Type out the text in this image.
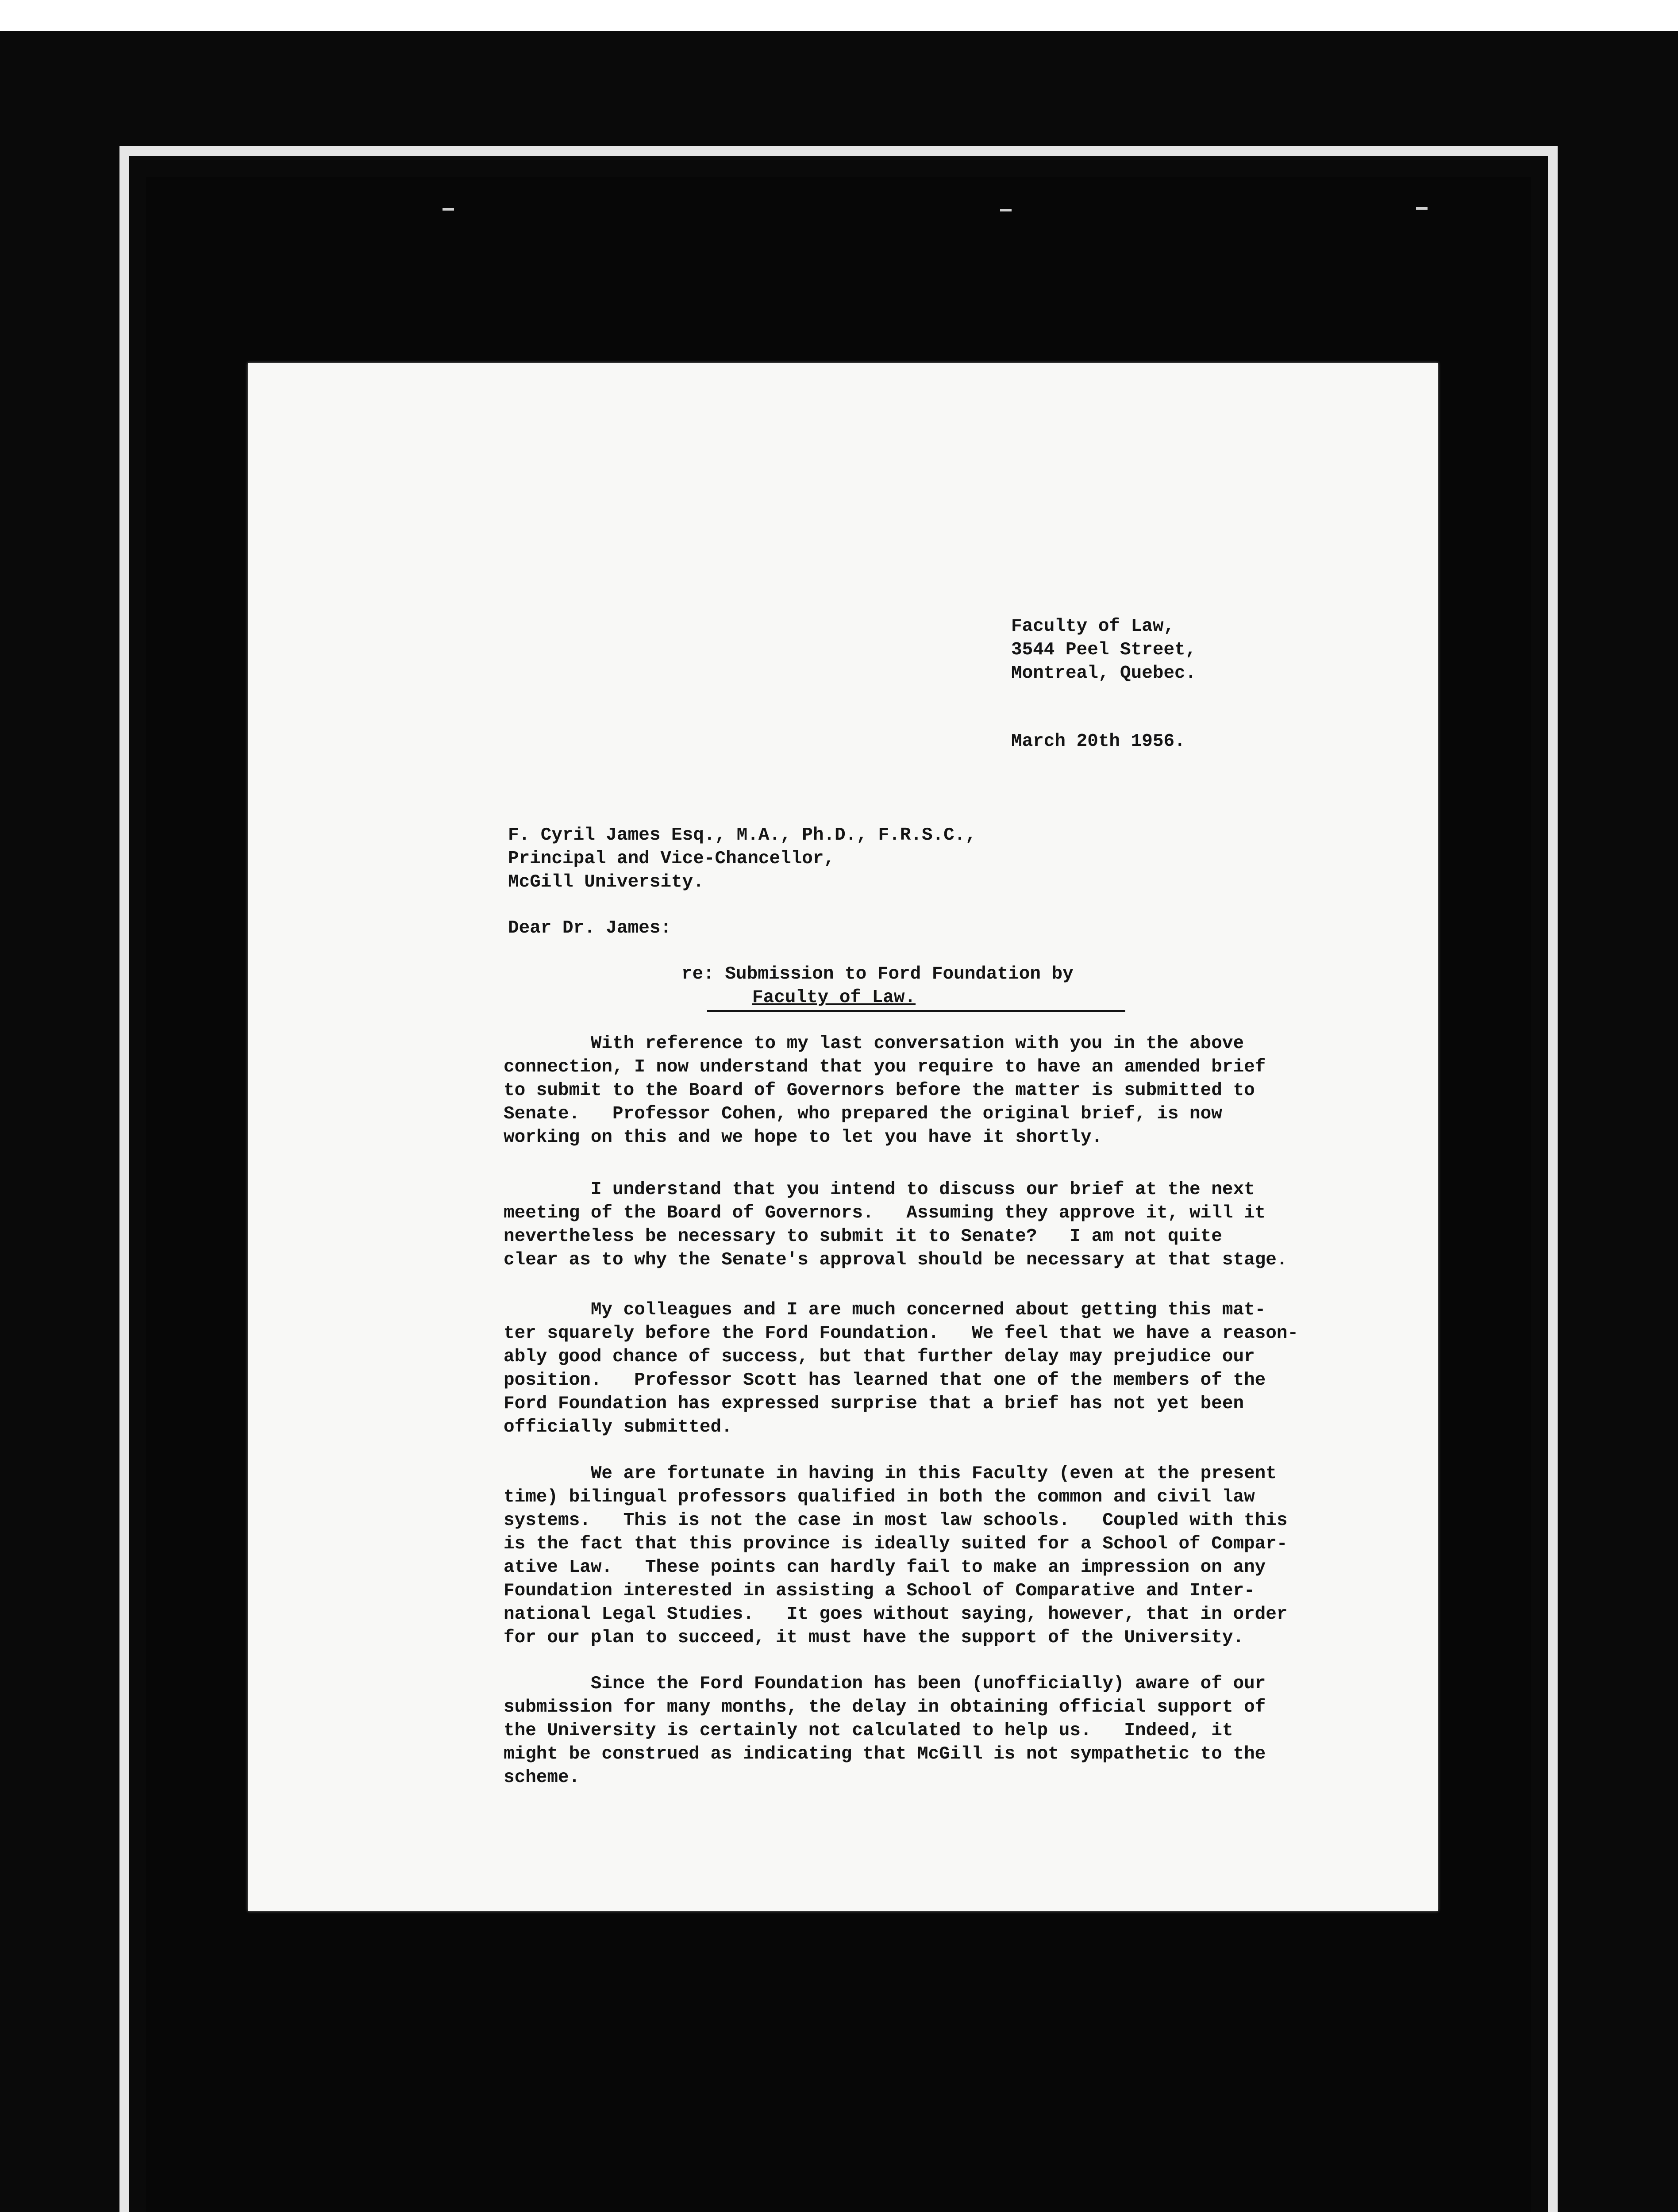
Faculty of Law,
3544 Peel Street,
Montreal, Quebec.
March 20th 1956.
F. Cyril James Esq., M.A., Ph.D., F.R.S.C.,
Principal and Vice-Chancellor,
McGill University.
Dear Dr. James:
re: Submission to Ford Foundation by
Faculty of Law.
With reference to my last conversation with you in the above
connection, I now understand that you require to have an amended brief
to submit to the Board of Governors before the matter is submitted to
Senate.   Professor Cohen, who prepared the original brief, is now
working on this and we hope to let you have it shortly.
I understand that you intend to discuss our brief at the next
meeting of the Board of Governors.   Assuming they approve it, will it
nevertheless be necessary to submit it to Senate?   I am not quite
clear as to why the Senate's approval should be necessary at that stage.
My colleagues and I are much concerned about getting this mat-
ter squarely before the Ford Foundation.   We feel that we have a reason-
ably good chance of success, but that further delay may prejudice our
position.   Professor Scott has learned that one of the members of the
Ford Foundation has expressed surprise that a brief has not yet been
officially submitted.
We are fortunate in having in this Faculty (even at the present
time) bilingual professors qualified in both the common and civil law
systems.   This is not the case in most law schools.   Coupled with this
is the fact that this province is ideally suited for a School of Compar-
ative Law.   These points can hardly fail to make an impression on any
Foundation interested in assisting a School of Comparative and Inter-
national Legal Studies.   It goes without saying, however, that in order
for our plan to succeed, it must have the support of the University.
Since the Ford Foundation has been (unofficially) aware of our
submission for many months, the delay in obtaining official support of
the University is certainly not calculated to help us.   Indeed, it
might be construed as indicating that McGill is not sympathetic to the
scheme.
